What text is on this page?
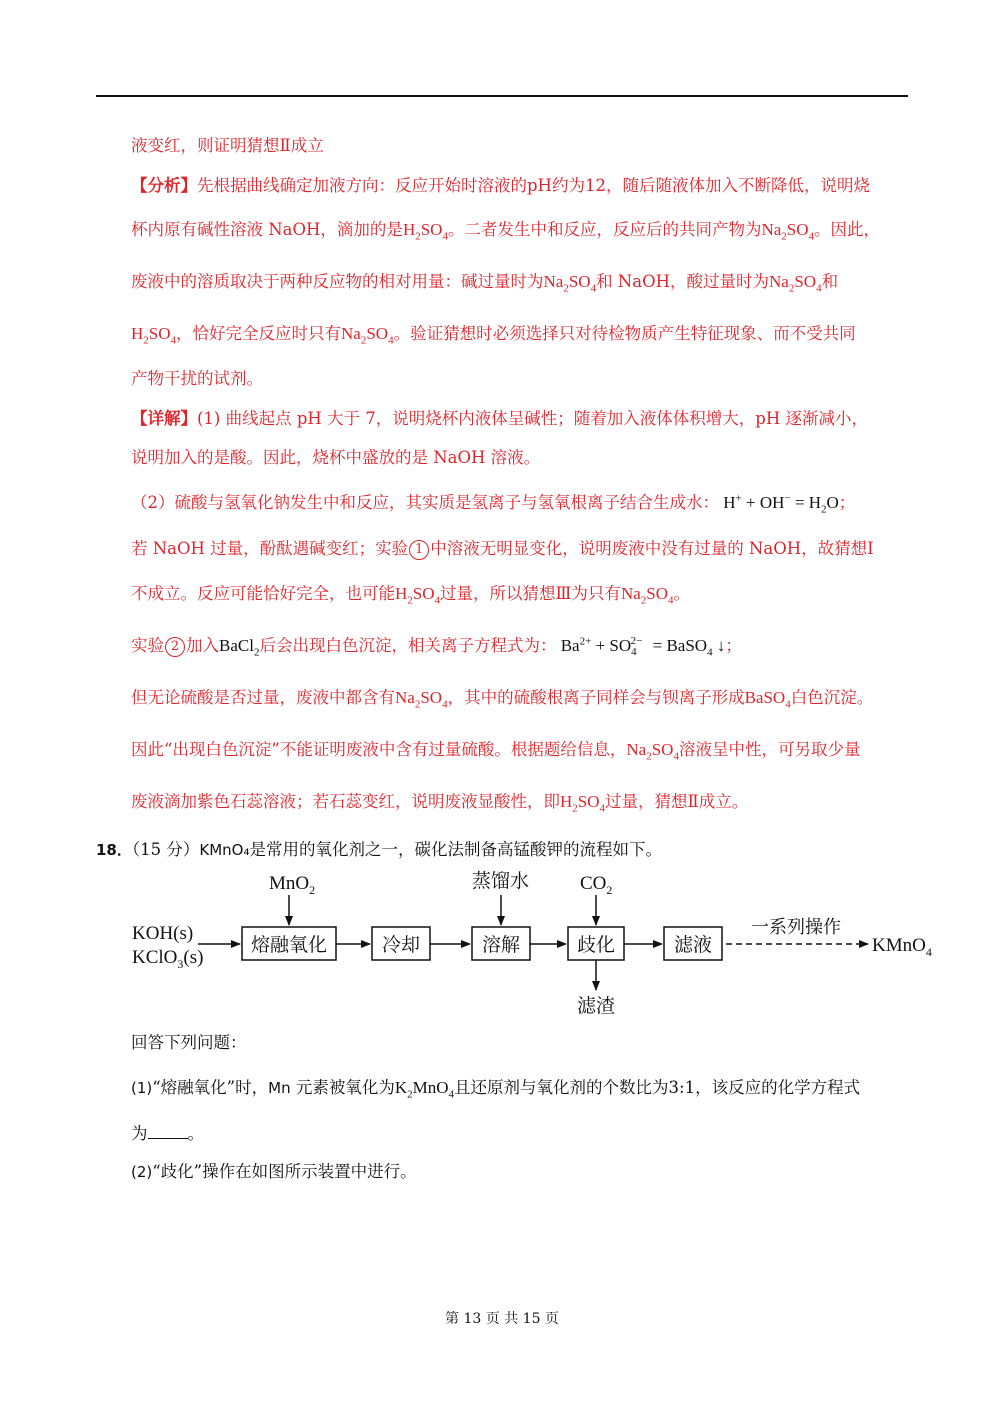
液变红，则证明猜想Ⅱ成立
【分析】先根据曲线确定加液方向：反应开始时溶液的pH约为12，随后随液体加入不断降低，说明烧
杯内原有碱性溶液 NaOH，滴加的是$H_2SO_4$。二者发生中和反应，反应后的共同产物为$Na_2SO_4$。因此，
废液中的溶质取决于两种反应物的相对用量：碱过量时为$Na_2SO_4$和 NaOH，酸过量时为$Na_2SO_4$和
$H_2SO_4$，恰好完全反应时只有$Na_2SO_4$。验证猜想时必须选择只对待检物质产生特征现象、而不受共同
产物干扰的试剂。
【详解】(1) 曲线起点 pH 大于 7，说明烧杯内液体呈碱性；随着加入液体体积增大，pH 逐渐减小，
说明加入的是酸。因此，烧杯中盛放的是 NaOH 溶液。
（2）硫酸与氢氧化钠发生中和反应，其实质是氢离子与氢氧根离子结合生成水： $H^+ + OH^- = H_2O$；
若 NaOH 过量，酚酞遇碱变红；实验 1 中溶液无明显变化，说明废液中没有过量的 NaOH，故猜想Ⅰ
不成立。反应可能恰好完全，也可能$H_2SO_4$过量，所以猜想Ⅲ为只有$Na_2SO_4$。
实验 2 加入BaCl$_2$后会出现白色沉淀，相关离子方程式为： $Ba^{2+} + SO_4^{2-}$ = BaSO$_4$ ↓；
但无论硫酸是否过量，废液中都含有$Na_2SO_4$，其中的硫酸根离子同样会与钡离子形成BaSO$_4$白色沉淀。
因此“出现白色沉淀”不能证明废液中含有过量硫酸。根据题给信息，$Na_2SO_4$溶液呈中性，可另取少量
废液滴加紫色石蕊溶液；若石蕊变红，说明废液显酸性，即$H_2SO_4$过量，猜想Ⅱ成立。
18．（15 分）KMnO₄是常用的氧化剂之一，碳化法制备高锰酸钾的流程如下。
KOH(s)
KClO$_3$(s)
熔融氧化	冷却	溶解	歧化	滤液
一系列操作
KMnO$_4$
MnO$_2$	蒸馏水	$CO_2$
滤渣
回答下列问题：
(1)“熔融氧化”时，Mn 元素被氧化为$K_2MnO_4$且还原剂与氧化剂的个数比为3:1，该反应的化学方程式
为 。
(2)“歧化”操作在如图所示装置中进行。
第 13 页 共 15 页
